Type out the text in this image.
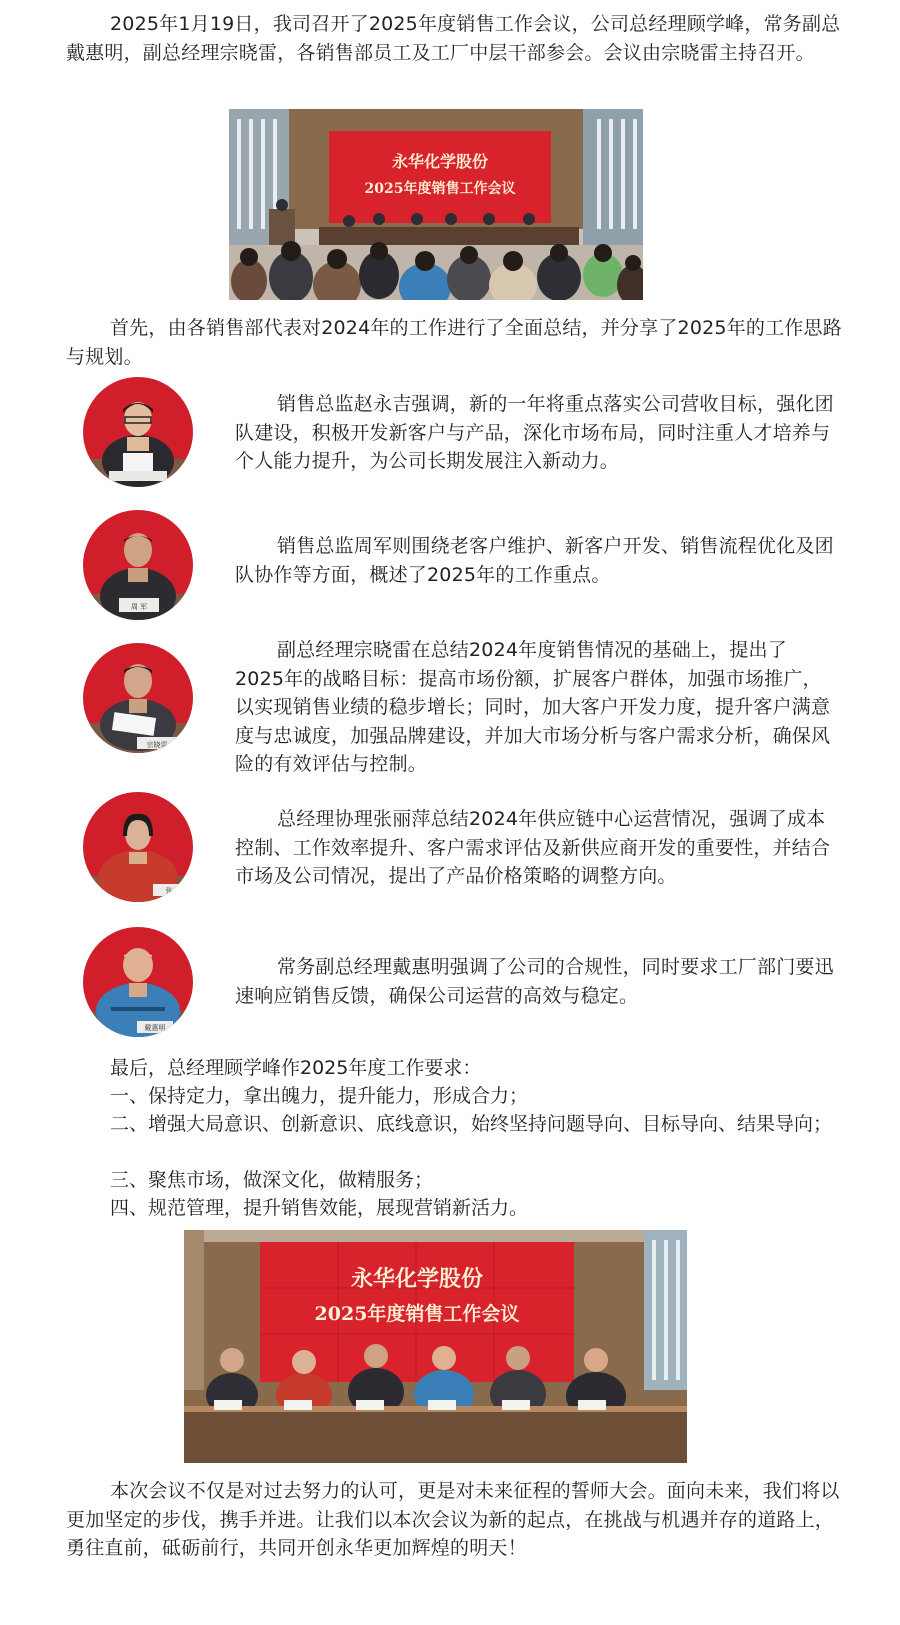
2025年1月19日，我司召开了2025年度销售工作会议，公司总经理顾学峰，常务副总戴惠明，副总经理宗晓雷，各销售部员工及工厂中层干部参会。会议由宗晓雷主持召开。

永华化学股份
2025年度销售工作会议

首先，由各销售部代表对2024年的工作进行了全面总结，并分享了2025年的工作思路与规划。

销售总监赵永吉强调，新的一年将重点落实公司营收目标，强化团队建设，积极开发新客户与产品，深化市场布局，同时注重人才培养与个人能力提升，为公司长期发展注入新动力。

周 军

销售总监周军则围绕老客户维护、新客户开发、销售流程优化及团队协作等方面，概述了2025年的工作重点。

宗晓雷

副总经理宗晓雷在总结2024年度销售情况的基础上，提出了2025年的战略目标：提高市场份额，扩展客户群体，加强市场推广，以实现销售业绩的稳步增长；同时，加大客户开发力度，提升客户满意度与忠诚度，加强品牌建设，并加大市场分析与客户需求分析，确保风险的有效评估与控制。

张

总经理协理张丽萍总结2024年供应链中心运营情况，强调了成本控制、工作效率提升、客户需求评估及新供应商开发的重要性，并结合市场及公司情况，提出了产品价格策略的调整方向。

戴惠明

常务副总经理戴惠明强调了公司的合规性，同时要求工厂部门要迅速响应销售反馈，确保公司运营的高效与稳定。

最后，总经理顾学峰作2025年度工作要求：

一、保持定力，拿出魄力，提升能力，形成合力；

二、增强大局意识、创新意识、底线意识，始终坚持问题导向、目标导向、结果导向；

三、聚焦市场，做深文化，做精服务；

四、规范管理，提升销售效能，展现营销新活力。

永华化学股份
2025年度销售工作会议

本次会议不仅是对过去努力的认可，更是对未来征程的誓师大会。面向未来，我们将以更加坚定的步伐，携手并进。让我们以本次会议为新的起点，在挑战与机遇并存的道路上，勇往直前，砥砺前行，共同开创永华更加辉煌的明天！
